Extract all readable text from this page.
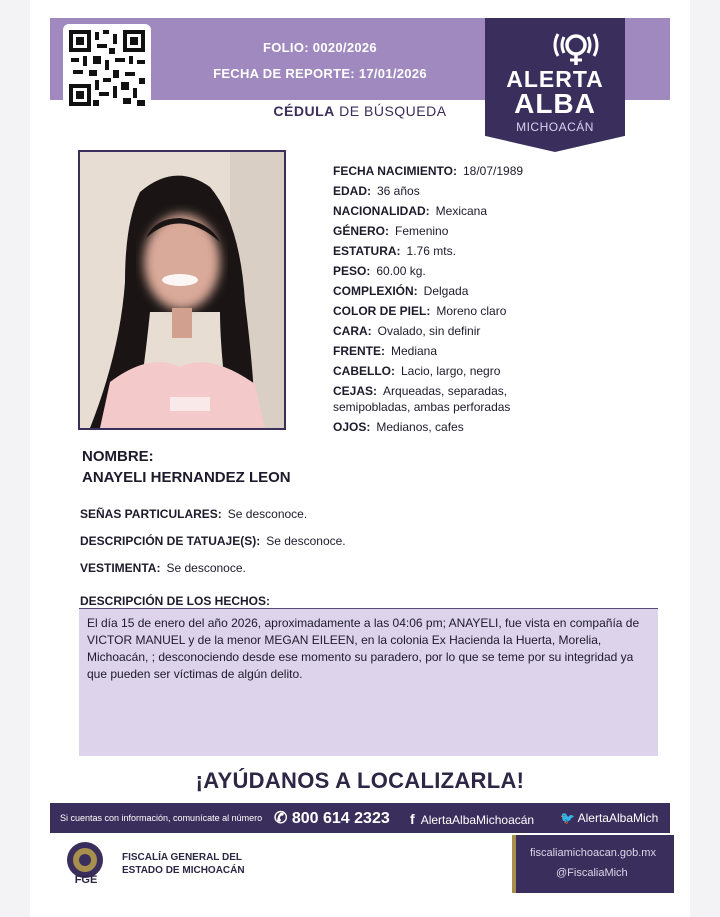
FOLIO: 0020/2026
FECHA DE REPORTE: 17/01/2026
CÉDULA DE BÚSQUEDA
ALERTA
ALBA
MICHOACÁN
FECHA NACIMIENTO: 18/07/1989
EDAD: 36 años
NACIONALIDAD: Mexicana
GÉNERO: Femenino
ESTATURA: 1.76 mts.
PESO: 60.00 kg.
COMPLEXIÓN: Delgada
COLOR DE PIEL: Moreno claro
CARA: Ovalado, sin definir
FRENTE: Mediana
CABELLO: Lacio, largo, negro
CEJAS: Arqueadas, separadas,
semipobladas, ambas perforadas
OJOS: Medianos, cafes
NOMBRE:
ANAYELI HERNANDEZ LEON
SEÑAS PARTICULARES: Se desconoce.
DESCRIPCIÓN DE TATUAJE(S): Se desconoce.
VESTIMENTA: Se desconoce.
DESCRIPCIÓN DE LOS HECHOS:
El día 15 de enero del año 2026, aproximadamente a las 04:06 pm; ANAYELI, fue vista en compañía de VICTOR MANUEL y de la menor MEGAN EILEEN, en la colonia Ex Hacienda la Huerta, Morelia, Michoacán, ; desconociendo desde ese momento su paradero, por lo que se teme por su integridad ya que pueden ser víctimas de algún delito.
¡AYÚDANOS A LOCALIZARLA!
Si cuentas con información, comunícate al número ✆ 800 614 2323 f AlertaAlbaMichoacán 🐦 AlertaAlbaMich
FGE
FISCALÍA GENERAL DEL
ESTADO DE MICHOACÁN
fiscaliamichoacan.gob.mx
@FiscaliaMich
